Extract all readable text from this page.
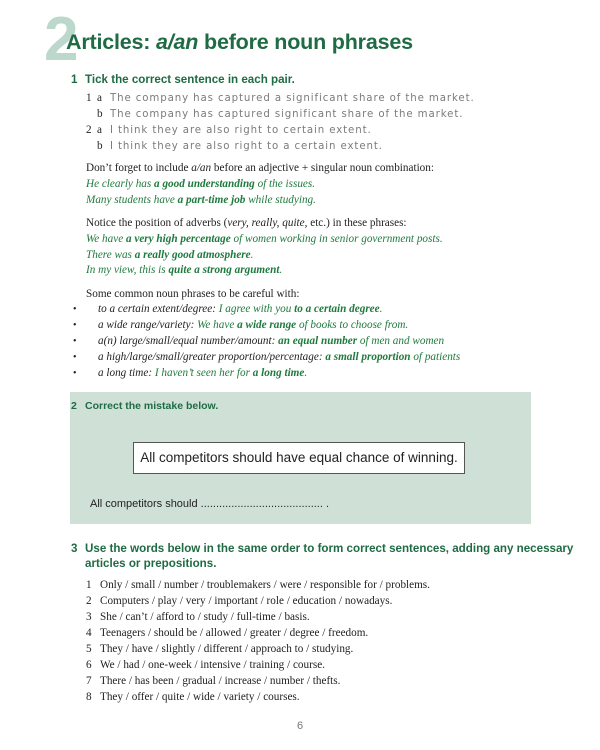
2
Articles: a/an before noun phrases
1 Tick the correct sentence in each pair.
1 a The company has captured a significant share of the market.
b The company has captured significant share of the market.
2 a I think they are also right to certain extent.
b I think they are also right to a certain extent.
Don’t forget to include a/an before an adjective + singular noun combination:
He clearly has a good understanding of the issues.
Many students have a part-time job while studying.
Notice the position of adverbs (very, really, quite, etc.) in these phrases:
We have a very high percentage of women working in senior government posts.
There was a really good atmosphere.
In my view, this is quite a strong argument.
Some common noun phrases to be careful with:
• to a certain extent/degree: I agree with you to a certain degree.
• a wide range/variety: We have a wide range of books to choose from.
• a(n) large/small/equal number/amount: an equal number of men and women
• a high/large/small/greater proportion/percentage: a small proportion of patients
• a long time: I haven’t seen her for a long time.
2 Correct the mistake below.
All competitors should have equal chance of winning.
All competitors should ........................................ .
3 Use the words below in the same order to form correct sentences, adding any necessary
articles or prepositions.
1 Only / small / number / troublemakers / were / responsible for / problems.
2 Computers / play / very / important / role / education / nowadays.
3 She / can’t / afford to / study / full-time / basis.
4 Teenagers / should be / allowed / greater / degree / freedom.
5 They / have / slightly / different / approach to / studying.
6 We / had / one-week / intensive / training / course.
7 There / has been / gradual / increase / number / thefts.
8 They / offer / quite / wide / variety / courses.
6
